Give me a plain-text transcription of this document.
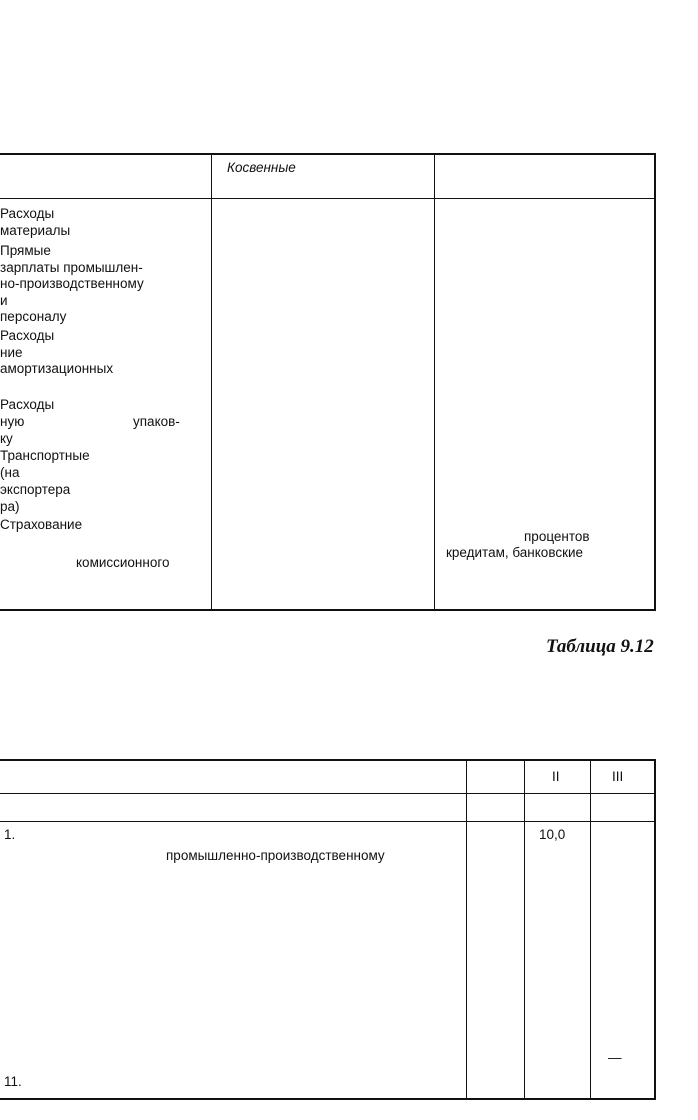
Косвенные
Расходы
материалы
Прямые
зарплаты промышлен-
но-производственному
и
персоналу
Расходы
ние
амортизационных
Расходы
ную	упаков-
ку
Транспортные
(на
экспортера
ра)
Страхование
комиссионного
процентов
кредитам, банковские
Таблица 9.12
II	III
1.
промышленно-производственному
10,0
—
11.
